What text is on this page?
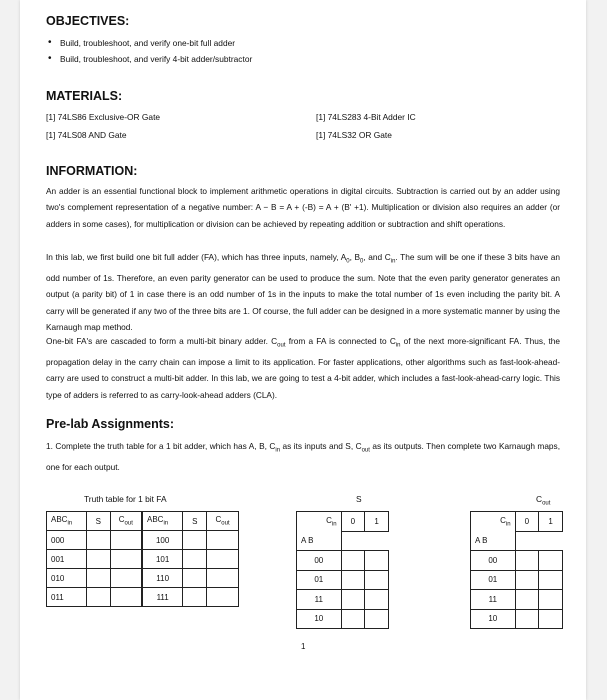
OBJECTIVES:
• Build, troubleshoot, and verify one-bit full adder
• Build, troubleshoot, and verify 4-bit adder/subtractor
MATERIALS:
[1] 74LS86 Exclusive-OR Gate
[1] 74LS08 AND Gate
[1] 74LS283 4-Bit Adder IC
[1] 74LS32 OR Gate
INFORMATION:

An adder is an essential functional block to implement arithmetic operations in digital circuits. Subtraction is carried out by an adder using two's complement representation of a negative number: A − B = A + (-B) = A + (B' +1). Multiplication or division also requires an adder (or adders in some cases), for multiplication or division can be achieved by repeating addition or subtraction and shift operations.

In this lab, we first build one bit full adder (FA), which has three inputs, namely, $A_0$, $B_0$, and $C_{in}$. The sum will be one if these 3 bits have an odd number of 1s. Therefore, an even parity generator can be used to produce the sum. Note that the even parity generator generates an output (a parity bit) of 1 in case there is an odd number of 1s in the inputs to make the total number of 1s even including the parity bit. A carry will be generated if any two of the three bits are 1. Of course, the full adder can be designed in a more systematic manner by using the Karnaugh map method.

One-bit FA's are cascaded to form a multi-bit binary adder. $C_{out}$ from a FA is connected to $C_{in}$ of the next more-significant FA. Thus, the propagation delay in the carry chain can impose a limit to its application. For faster applications, other algorithms such as fast-look-ahead-carry are used to construct a multi-bit adder. In this lab, we are going to test a 4-bit adder, which includes a fast-look-ahead-carry logic. This type of adders is referred to as carry-look-ahead adders (CLA).

Pre-lab Assignments:

1. Complete the truth table for a 1 bit adder, which has A, B, $C_{in}$ as its inputs and S, $C_{out}$ as its outputs. Then complete two Karnaugh maps, one for each output.

Truth table for 1 bit FA
$ABC_{in}$	S	$C_{out}$	$ABC_{in}$	S	$C_{out}$
000			100		
001			101		
010			110		
011			111		
S
$C_{in}$	0	1
A B		
00		
01		
11		
10		
$C_{out}$
$C_{in}$	0	1
A B		
00		
01		
11		
10		
1
